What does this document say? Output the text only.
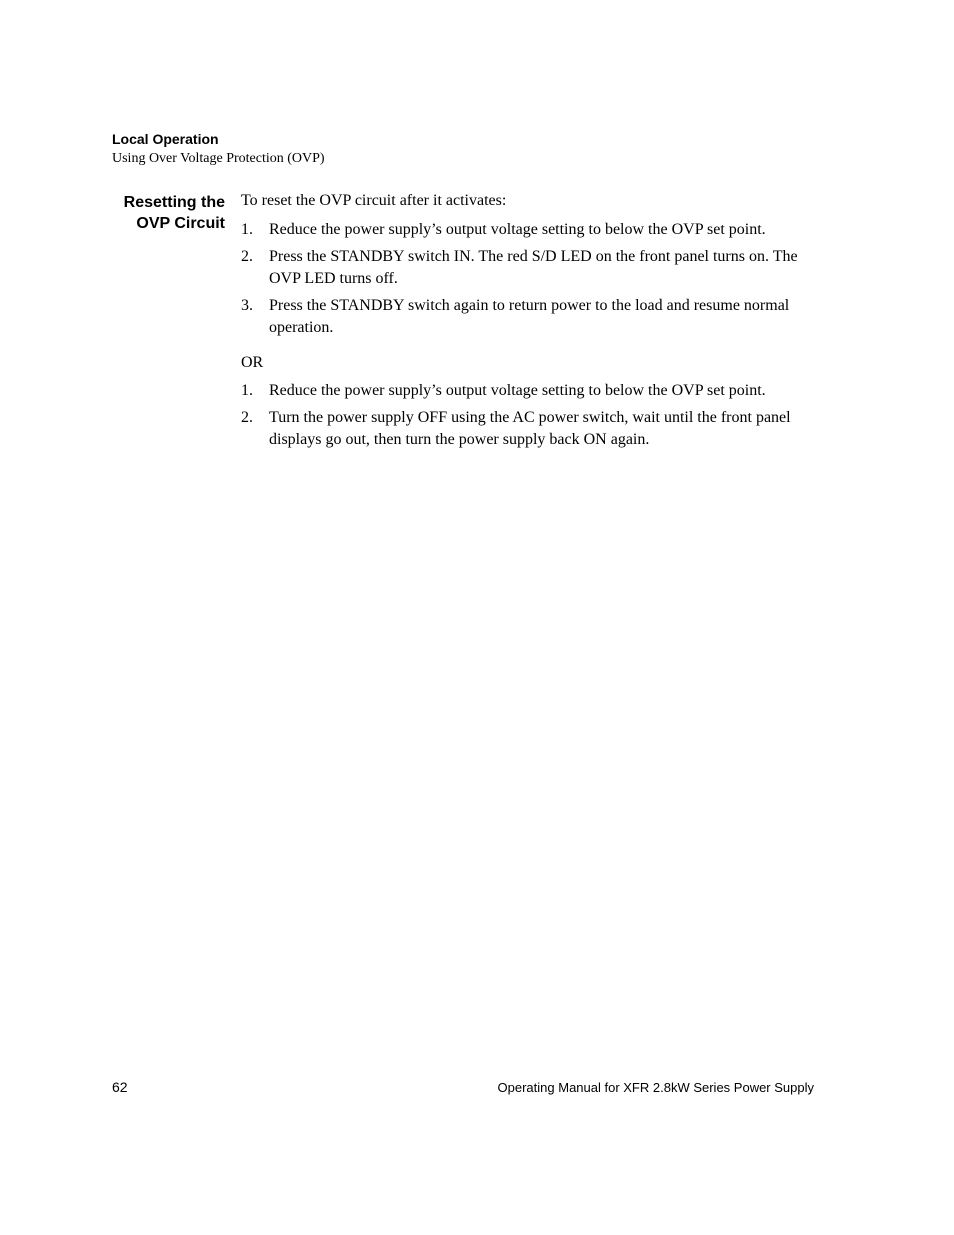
Local Operation
Using Over Voltage Protection (OVP)
Resetting the
OVP Circuit
To reset the OVP circuit after it activates:
1. Reduce the power supply’s output voltage setting to below the OVP set point.
2. Press the STANDBY switch IN. The red S/D LED on the front panel turns on. The OVP LED turns off.
3. Press the STANDBY switch again to return power to the load and resume normal operation.
OR
1. Reduce the power supply’s output voltage setting to below the OVP set point.
2. Turn the power supply OFF using the AC power switch, wait until the front panel displays go out, then turn the power supply back ON again.
62	Operating Manual for XFR 2.8kW Series Power Supply
